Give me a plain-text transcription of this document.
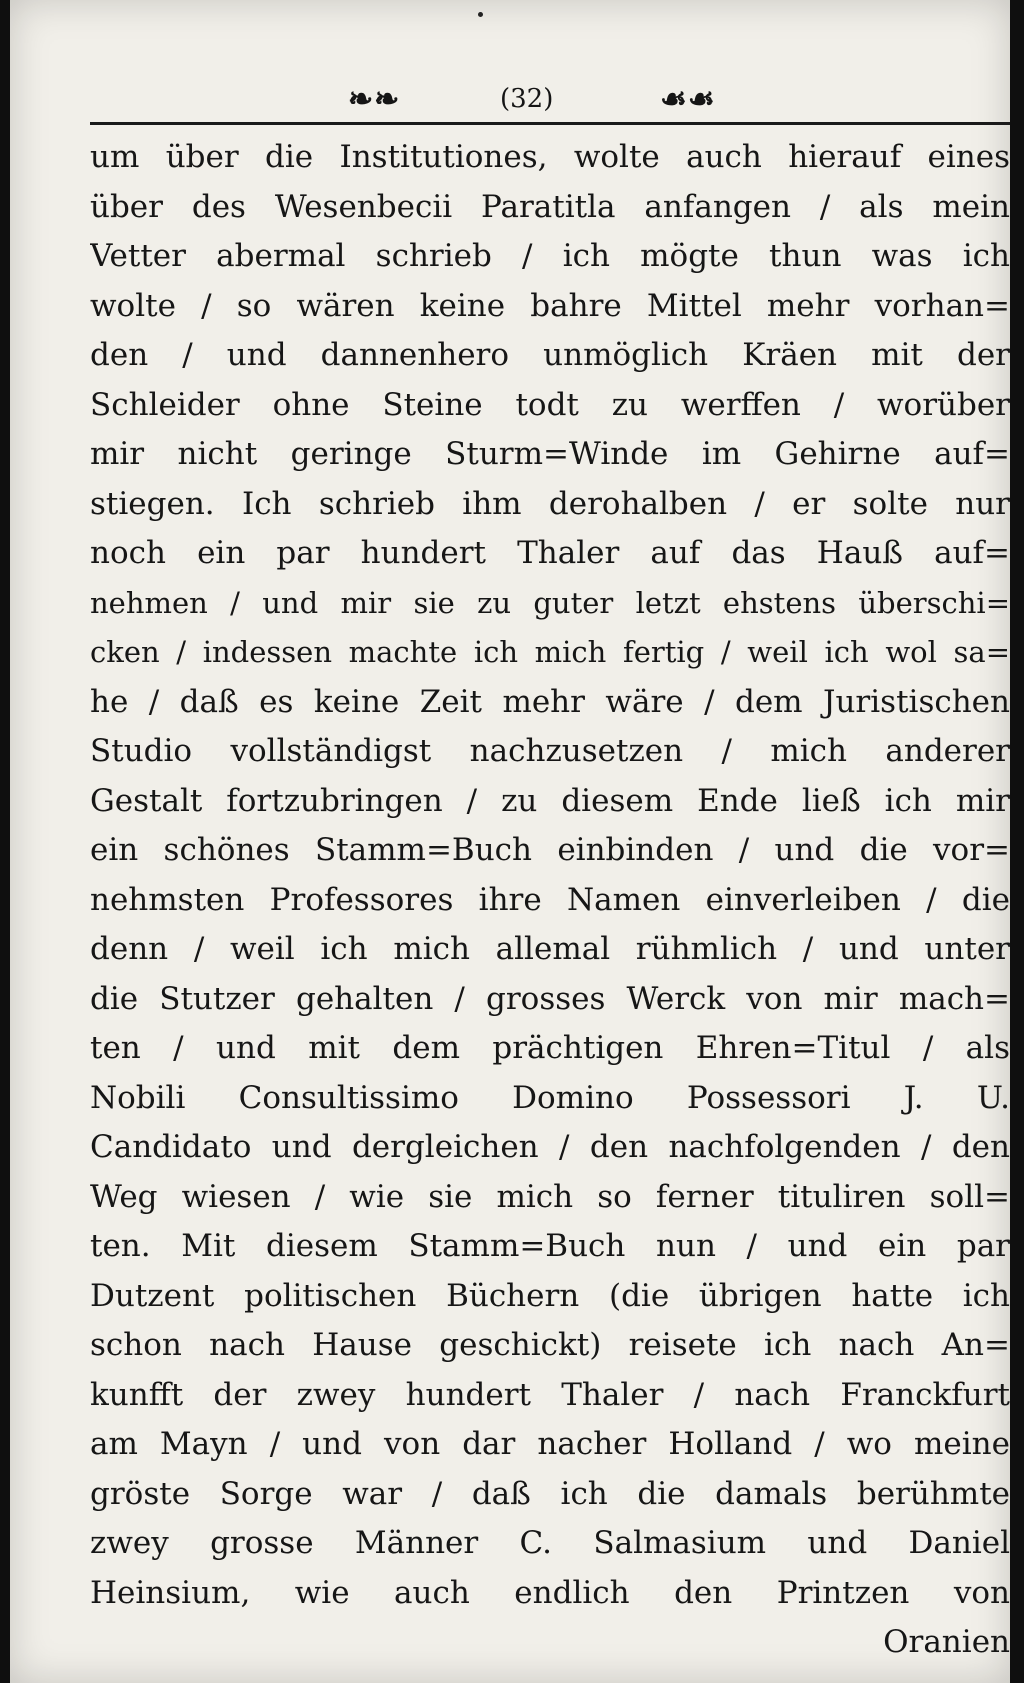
❧❧	(32)	☙☙
um über die Institutiones, wolte auch hierauf eines
über des Wesenbecii Paratitla anfangen / als mein
Vetter abermal schrieb / ich mögte thun was ich
wolte / so wären keine bahre Mittel mehr vorhan=
den / und dannenhero unmöglich Kräen mit der
Schleider ohne Steine todt zu werffen / worüber
mir nicht geringe Sturm=Winde im Gehirne auf=
stiegen. Ich schrieb ihm derohalben / er solte nur
noch ein par hundert Thaler auf das Hauß auf=
nehmen / und mir sie zu guter letzt ehstens überschi=
cken / indessen machte ich mich fertig / weil ich wol sa=
he / daß es keine Zeit mehr wäre / dem Juristischen
Studio vollständigst nachzusetzen / mich anderer
Gestalt fortzubringen / zu diesem Ende ließ ich mir
ein schönes Stamm=Buch einbinden / und die vor=
nehmsten Professores ihre Namen einverleiben / die
denn / weil ich mich allemal rühmlich / und unter
die Stutzer gehalten / grosses Werck von mir mach=
ten / und mit dem prächtigen Ehren=Titul / als
Nobili Consultissimo Domino Possessori J. U.
Candidato und dergleichen / den nachfolgenden / den
Weg wiesen / wie sie mich so ferner tituliren soll=
ten. Mit diesem Stamm=Buch nun / und ein par
Dutzent politischen Büchern (die übrigen hatte ich
schon nach Hause geschickt) reisete ich nach An=
kunfft der zwey hundert Thaler / nach Franckfurt
am Mayn / und von dar nacher Holland / wo meine
gröste Sorge war / daß ich die damals berühmte
zwey grosse Männer C. Salmasium und Daniel
Heinsium, wie auch endlich den Printzen von
Oranien
